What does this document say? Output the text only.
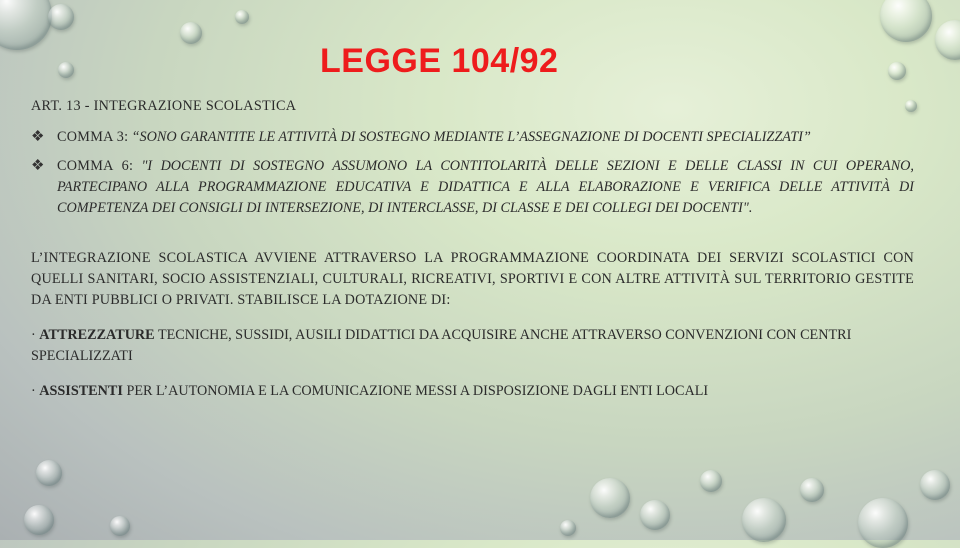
LEGGE 104/92
ART. 13 - INTEGRAZIONE SCOLASTICA
❖ COMMA 3: “SONO GARANTITE LE ATTIVITÀ DI SOSTEGNO MEDIANTE L’ASSEGNAZIONE DI DOCENTI SPECIALIZZATI”
❖ COMMA 6: "I DOCENTI DI SOSTEGNO ASSUMONO LA CONTITOLARITÀ DELLE SEZIONI E DELLE CLASSI IN CUI OPERANO, PARTECIPANO ALLA PROGRAMMAZIONE EDUCATIVA E DIDATTICA E ALLA ELABORAZIONE E VERIFICA DELLE ATTIVITÀ DI COMPETENZA DEI CONSIGLI DI INTERSEZIONE, DI INTERCLASSE, DI CLASSE E DEI COLLEGI DEI DOCENTI".
L’INTEGRAZIONE SCOLASTICA AVVIENE ATTRAVERSO LA PROGRAMMAZIONE COORDINATA DEI SERVIZI SCOLASTICI CON QUELLI SANITARI, SOCIO ASSISTENZIALI, CULTURALI, RICREATIVI, SPORTIVI E CON ALTRE ATTIVITÀ SUL TERRITORIO GESTITE DA ENTI PUBBLICI O PRIVATI. STABILISCE LA DOTAZIONE DI:
· ATTREZZATURE TECNICHE, SUSSIDI, AUSILI DIDATTICI DA ACQUISIRE ANCHE ATTRAVERSO CONVENZIONI CON CENTRI SPECIALIZZATI
· ASSISTENTI PER L’AUTONOMIA E LA COMUNICAZIONE MESSI A DISPOSIZIONE DAGLI ENTI LOCALI
